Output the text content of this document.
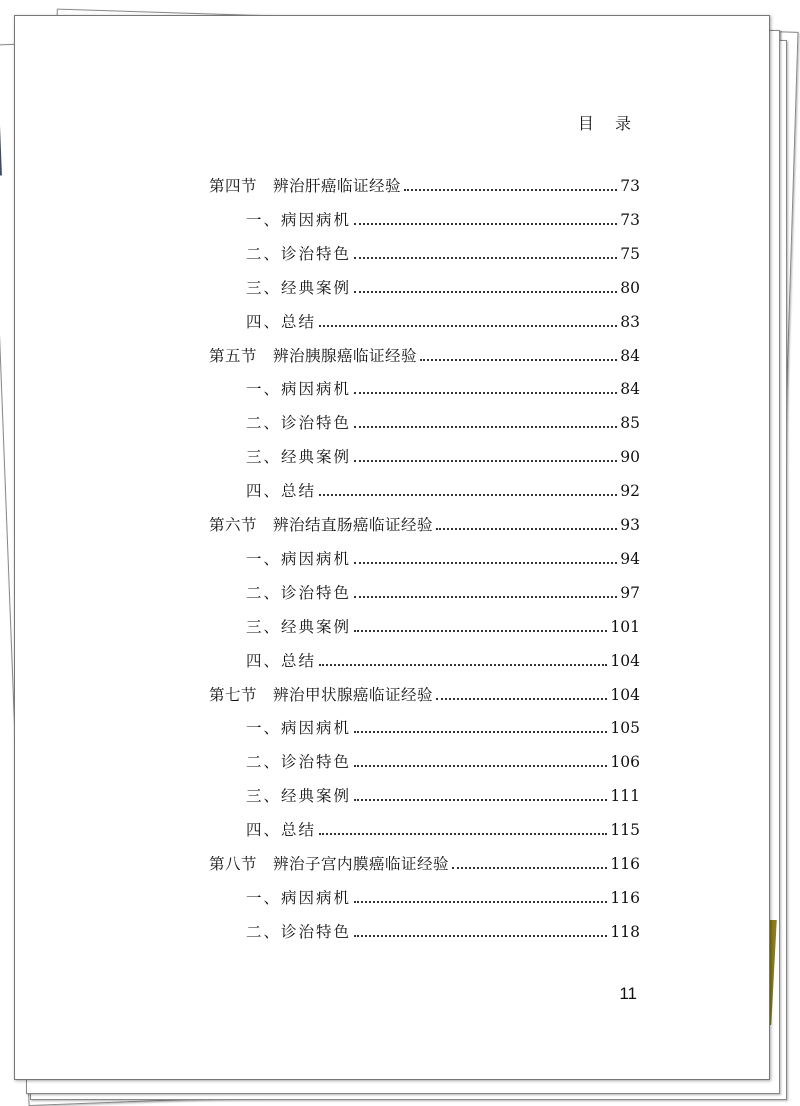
目 录
第四节　辨治肝癌临证经验	73
一、病因病机	73
二、诊治特色	75
三、经典案例	80
四、总结	83
第五节　辨治胰腺癌临证经验	84
一、病因病机	84
二、诊治特色	85
三、经典案例	90
四、总结	92
第六节　辨治结直肠癌临证经验	93
一、病因病机	94
二、诊治特色	97
三、经典案例	101
四、总结	104
第七节　辨治甲状腺癌临证经验	104
一、病因病机	105
二、诊治特色	106
三、经典案例	111
四、总结	115
第八节　辨治子宫内膜癌临证经验	116
一、病因病机	116
二、诊治特色	118
11
